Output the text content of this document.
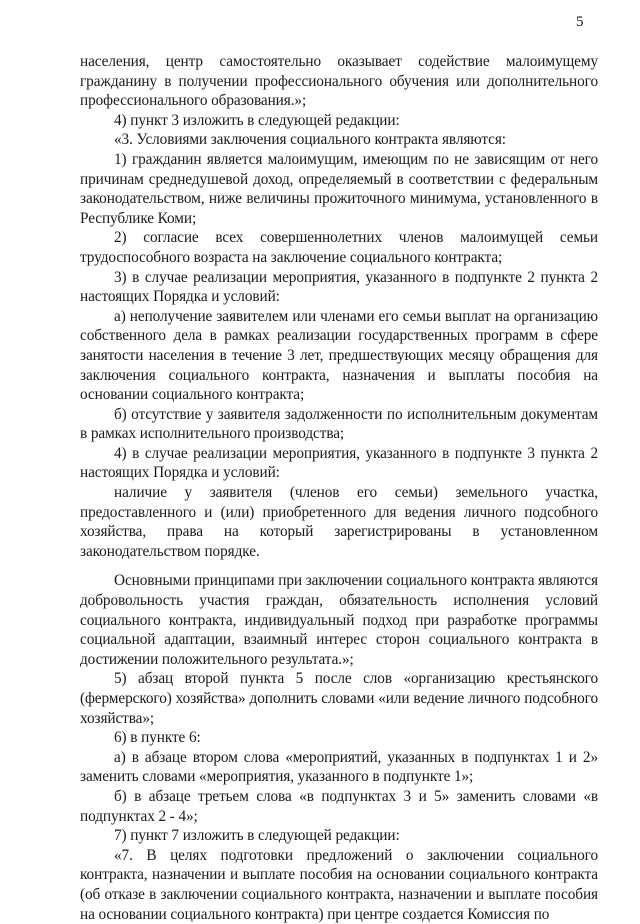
5

населения, центр самостоятельно оказывает содействие малоимущему гражданину в получении профессионального обучения или дополнительного профессионального образования.»;

4) пункт 3 изложить в следующей редакции:

«3. Условиями заключения социального контракта являются:

1) гражданин является малоимущим, имеющим по не зависящим от него причинам среднедушевой доход, определяемый в соответствии с федеральным законодательством, ниже величины прожиточного минимума, установленного в Республике Коми;

2) согласие всех совершеннолетних членов малоимущей семьи трудоспособного возраста на заключение социального контракта;

3) в случае реализации мероприятия, указанного в подпункте 2 пункта 2 настоящих Порядка и условий:

а) неполучение заявителем или членами его семьи выплат на организацию собственного дела в рамках реализации государственных программ в сфере занятости населения в течение 3 лет, предшествующих месяцу обращения для заключения социального контракта, назначения и выплаты пособия на основании социального контракта;

б) отсутствие у заявителя задолженности по исполнительным документам в рамках исполнительного производства;

4) в случае реализации мероприятия, указанного в подпункте 3 пункта 2 настоящих Порядка и условий:

наличие у заявителя (членов его семьи) земельного участка, предоставленного и (или) приобретенного для ведения личного подсобного хозяйства, права на который зарегистрированы в установленном законодательством порядке.

Основными принципами при заключении социального контракта являются добровольность участия граждан, обязательность исполнения условий социального контракта, индивидуальный подход при разработке программы социальной адаптации, взаимный интерес сторон социального контракта в достижении положительного результата.»;

5) абзац второй пункта 5 после слов «организацию крестьянского (фермерского) хозяйства» дополнить словами «или ведение личного подсобного хозяйства»;

6) в пункте 6:

а) в абзаце втором слова «мероприятий, указанных в подпунктах 1 и 2» заменить словами «мероприятия, указанного в подпункте 1»;

б) в абзаце третьем слова «в подпунктах 3 и 5» заменить словами «в подпунктах 2 - 4»;

7) пункт 7 изложить в следующей редакции:

«7. В целях подготовки предложений о заключении социального контракта, назначении и выплате пособия на основании социального контракта (об отказе в заключении социального контракта, назначении и выплате пособия на основании социального контракта) при центре создается Комиссия по
